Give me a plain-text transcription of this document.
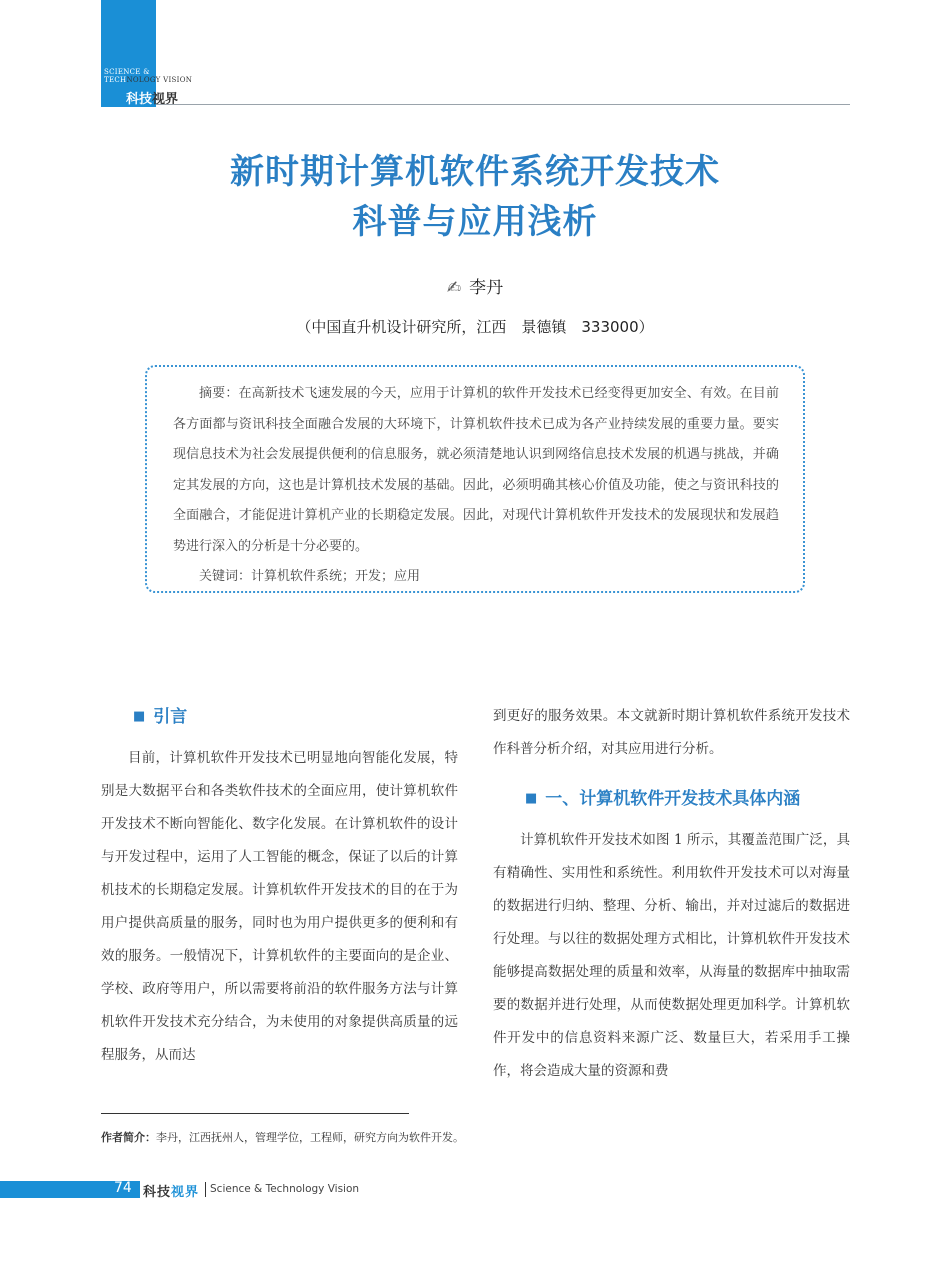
SCIENCE &
TECHNOLOGY VISION
科技视界
新时期计算机软件系统开发技术
科普与应用浅析
✍ 李丹
（中国直升机设计研究所，江西　景德镇　333000）

摘要：在高新技术飞速发展的今天，应用于计算机的软件开发技术已经变得更加安全、有效。在目前各方面都与资讯科技全面融合发展的大环境下，计算机软件技术已成为各产业持续发展的重要力量。要实现信息技术为社会发展提供便利的信息服务，就必须清楚地认识到网络信息技术发展的机遇与挑战，并确定其发展的方向，这也是计算机技术发展的基础。因此，必须明确其核心价值及功能，使之与资讯科技的全面融合，才能促进计算机产业的长期稳定发展。因此，对现代计算机软件开发技术的发展现状和发展趋势进行深入的分析是十分必要的。

关键词：计算机软件系统；开发；应用

■ 引言

目前，计算机软件开发技术已明显地向智能化发展，特别是大数据平台和各类软件技术的全面应用，使计算机软件开发技术不断向智能化、数字化发展。在计算机软件的设计与开发过程中，运用了人工智能的概念，保证了以后的计算机技术的长期稳定发展。计算机软件开发技术的目的在于为用户提供高质量的服务，同时也为用户提供更多的便利和有效的服务。一般情况下，计算机软件的主要面向的是企业、学校、政府等用户，所以需要将前沿的软件服务方法与计算机软件开发技术充分结合，为未使用的对象提供高质量的远程服务，从而达

到更好的服务效果。本文就新时期计算机软件系统开发技术作科普分析介绍，对其应用进行分析。

■ 一、计算机软件开发技术具体内涵

计算机软件开发技术如图 1 所示，其覆盖范围广泛，具有精确性、实用性和系统性。利用软件开发技术可以对海量的数据进行归纳、整理、分析、输出，并对过滤后的数据进行处理。与以往的数据处理方式相比，计算机软件开发技术能够提高数据处理的质量和效率，从海量的数据库中抽取需要的数据并进行处理，从而使数据处理更加科学。计算机软件开发中的信息资料来源广泛、数量巨大，若采用手工操作，将会造成大量的资源和费

作者简介：李丹，江西抚州人，管理学位，工程师，研究方向为软件开发。
74 科技视界 Science & Technology Vision
